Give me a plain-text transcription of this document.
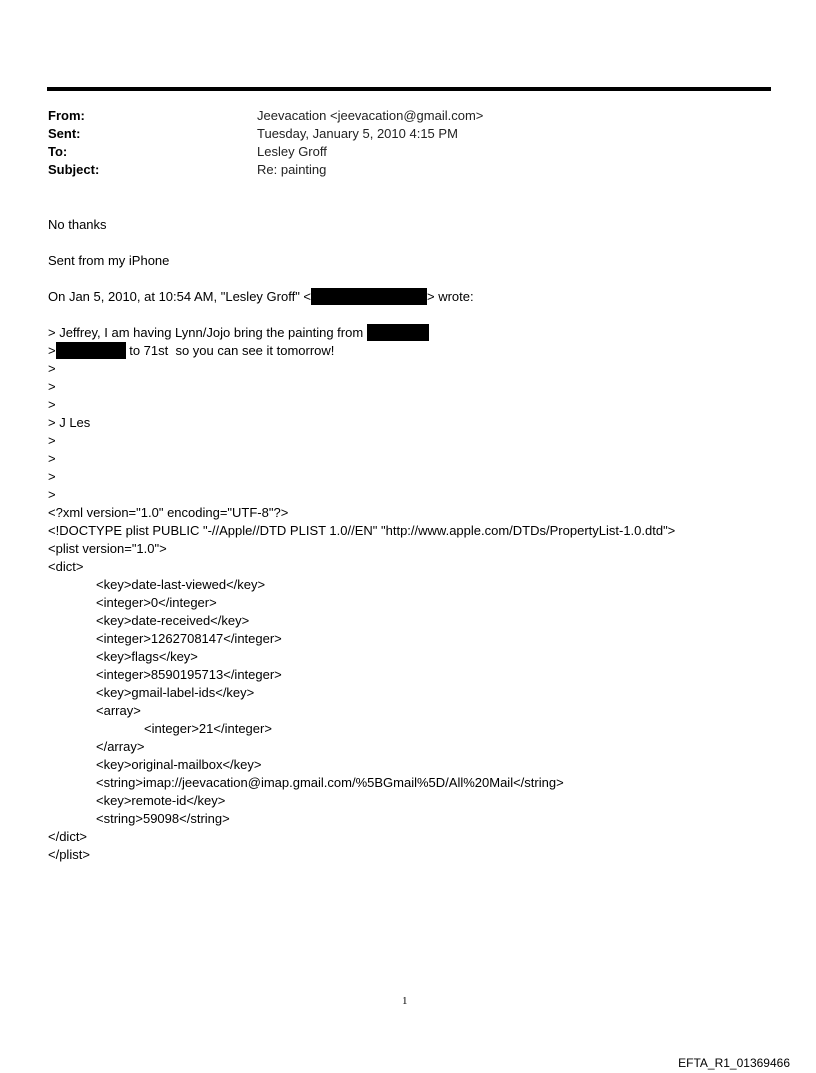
From:	Jeevacation <jeevacation@gmail.com>
Sent:	Tuesday, January 5, 2010 4:15 PM
To:	Lesley Groff
Subject:	Re: painting
No thanks
Sent from my iPhone
On Jan 5, 2010, at 10:54 AM, "Lesley Groff" <	> wrote:
> Jeffrey, I am having Lynn/Jojo bring the painting from
>	to 71st  so you can see it tomorrow!
>
>
>
> J Les
>
>
>
>
<?xml version="1.0" encoding="UTF-8"?>
<!DOCTYPE plist PUBLIC "-//Apple//DTD PLIST 1.0//EN" "http://www.apple.com/DTDs/PropertyList-1.0.dtd">
<plist version="1.0">
<dict>
<key>date-last-viewed</key>
<integer>0</integer>
<key>date-received</key>
<integer>1262708147</integer>
<key>flags</key>
<integer>8590195713</integer>
<key>gmail-label-ids</key>
<array>
<integer>21</integer>
</array>
<key>original-mailbox</key>
<string>imap://jeevacation@imap.gmail.com/%5BGmail%5D/All%20Mail</string>
<key>remote-id</key>
<string>59098</string>
</dict>
</plist>
1
EFTA_R1_01369466
